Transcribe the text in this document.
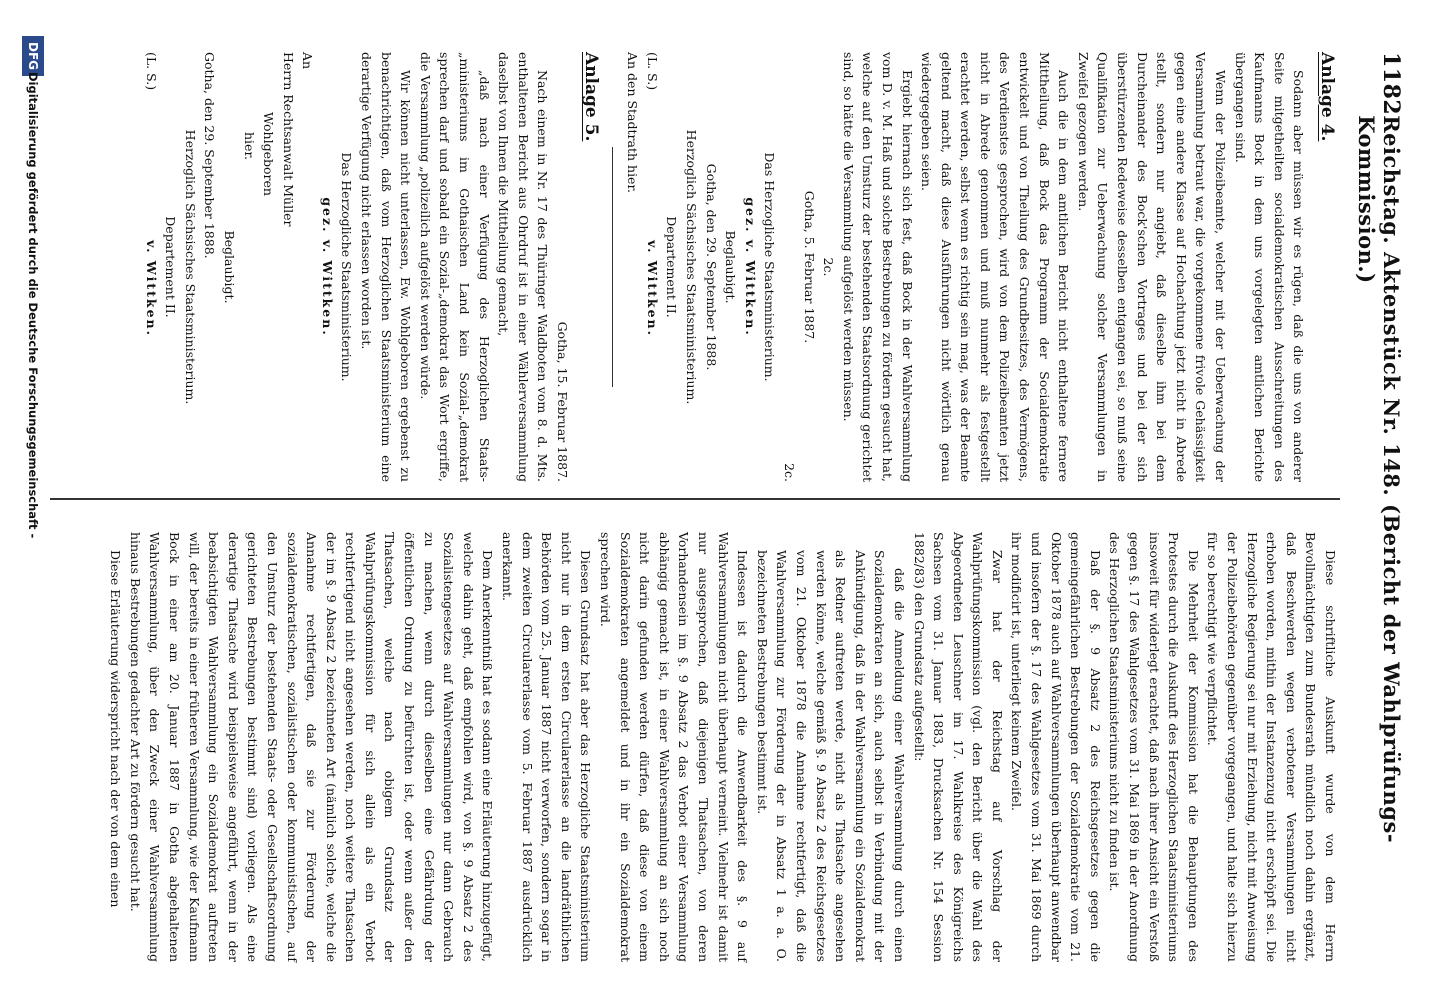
1182
Reichstag. Aktenstück Nr. 148. (Bericht der Wahlprüfungs-Kommission.)
Anlage 4.

Sodann aber müssen wir es rügen, daß die uns von anderer Seite mitgetheilten socialdemokratischen Ausschreitungen des Kaufmanns Bock in dem uns vorgelegten amtlichen Berichte übergangen sind.

Wenn der Polizeibeamte, welcher mit der Ueberwachung der Versammlung betraut war, die vorgekommene frivole Gehässigkeit gegen eine andere Klasse auf Hochachtung jetzt nicht in Abrede stellt, sondern nur angiebt, daß dieselbe ihm bei dem Durcheinander des Bock'schen Vortrages und bei der sich überstürzenden Redeweise desselben entgangen sei, so muß seine Qualifikation zur Ueberwachung solcher Versammlungen in Zweifel gezogen werden.

Auch die in dem amtlichen Bericht nicht enthaltene fernere Mittheilung, daß Bock das Programm der Socialdemokratie entwickelt und von Theilung des Grundbesitzes, des Vermögens, des Verdienstes gesprochen, wird von dem Polizeibeamten jetzt nicht in Abrede genommen und muß nunmehr als festgestellt erachtet werden, selbst wenn es richtig sein mag, was der Beamte geltend macht, daß diese Ausführungen nicht wörtlich genau wiedergegeben seien.

Ergiebt hiernach sich fest, daß Bock in der Wahlversammlung vom D. v. M. Haß und solche Bestrebungen zu fördern gesucht hat, welche auf den Umsturz der bestehenden Staatsordnung gerichtet sind, so hätte die Versammlung aufgelöst werden müssen.

2c.

Gotha, 5. Februar 1887.

2c.

Das Herzogliche Staatsministerium.

gez. v. Wittken.

Beglaubigt.

Gotha, den 29. September 1888.

Herzoglich Sächsisches Staatsministerium.

Departement II.

(L. S.)v. Wittken.

An den Stadtrath hier.

Anlage 5.

Gotha, 15. Februar 1887.

Nach einem in Nr. 17 des Thüringer Waldboten vom 8. d. Mts. enthaltenen Bericht aus Ohrdruf ist in einer Wählerversammlung daselbst von Ihnen die Mittheilung gemacht,

„daß nach einer Verfügung des Herzoglichen Staats-„ministeriums im Gothaischen Land kein Sozial-„demokrat sprechen darf und sobald ein Sozial-„demokrat das Wort ergriffe, die Versammlung „polizeilich aufgelöst werden würde.

Wir können nicht unterlassen, Ew. Wohlgeboren ergebenst zu benachrichtigen, daß vom Herzoglichen Staatsministerium eine derartige Verfügung nicht erlassen worden ist.

Das Herzogliche Staatsministerium.

gez. v. Wittken.

An

Herrn Rechtsanwalt Müller

Wohlgeboren

hier.

Beglaubigt.

Gotha, den 29. September 1888.

Herzoglich Sächsisches Staatsministerium.

Departement II.

(L. S.)v. Wittken.

Diese schriftliche Auskunft wurde von dem Herrn Bevollmächtigten zum Bundesrath mündlich noch dahin ergänzt, daß Beschwerden wegen verbotener Versammlungen nicht erhoben worden, mithin der Instanzenzug nicht erschöpft sei. Die Herzogliche Regierung sei nur mit Erziehung, nicht mit Anweisung der Polizeibehörden gegenüber vorgegangen, und halte sich hierzu für so berechtigt wie verpflichtet.

Die Mehrheit der Kommission hat die Behauptungen des Protestes durch die Auskunft des Herzoglichen Staatsministeriums insoweit für widerlegt erachtet, daß nach ihrer Ansicht ein Verstoß gegen §. 17 des Wahlgesetzes vom 31. Mai 1869 in der Anordnung des Herzoglichen Staatsministeriums nicht zu finden ist.

Daß der §. 9 Absatz 2 des Reichsgesetzes gegen die gemeingefährlichen Bestrebungen der Sozialdemokratie vom 21. Oktober 1878 auch auf Wahlversammlungen überhaupt anwendbar und insofern der §. 17 des Wahlgesetzes vom 31. Mai 1869 durch ihr modificirt ist, unterliegt keinem Zweifel.

Zwar hat der Reichstag auf Vorschlag der Wahlprüfungskommission (vgl. den Bericht über die Wahl des Abgeordneten Leuschner im 17. Wahlkreise des Königreichs Sachsen vom 31. Januar 1883, Drucksachen Nr. 154 Session 1882/83) den Grundsatz aufgestellt:

daß die Anmeldung einer Wahlversammlung durch einen Sozialdemokraten an sich, auch selbst in Verbindung mit der Ankündigung, daß in der Wahlversammlung ein Sozialdemokrat als Redner auftreten werde, nicht als Thatsache angesehen werden könne, welche gemäß §. 9 Absatz 2 des Reichsgesetzes vom 21. Oktober 1878 die Annahme rechtfertigt, daß die Wahlversammlung zur Förderung der in Absatz 1 a. a. O. bezeichneten Bestrebungen bestimmt ist.

Indessen ist dadurch die Anwendbarkeit des §. 9 auf Wahlversammlungen nicht überhaupt verneint. Vielmehr ist damit nur ausgesprochen, daß diejenigen Thatsachen, von deren Vorhandensein im §. 9 Absatz 2 das Verbot einer Versammlung abhängig gemacht ist, in einer Wahlversammlung an sich noch nicht darin gefunden werden dürfen, daß diese von einem Sozialdemokraten angemeldet und in ihr ein Sozialdemokrat sprechen wird.

Diesen Grundsatz hat aber das Herzogliche Staatsministerium nicht nur in dem ersten Circularerlasse an die landräthlichen Behörden vom 25. Januar 1887 nicht verworfen, sondern sogar in dem zweiten Circularerlasse vom 5. Februar 1887 ausdrücklich anerkannt.

Dem Anerkenntniß hat es sodann eine Erläuterung hinzugefügt, welche dahin geht, daß empfohlen wird, von §. 9 Absatz 2 des Sozialistengesetzes auf Wahlversammlungen nur dann Gebrauch zu machen, wenn durch dieselben eine Gefährdung der öffentlichen Ordnung zu befürchten ist, oder wenn außer den Thatsachen, welche nach obigem Grundsatz der Wahlprüfungskommission für sich allein als ein Verbot rechtfertigend nicht angesehen werden, noch weitere Thatsachen der im §. 9 Absatz 2 bezeichneten Art (nämlich solche, welche die Annahme rechtfertigen, daß sie zur Förderung der sozialdemokratischen, sozialistischen oder kommunistischen, auf den Umsturz der bestehenden Staats- oder Gesellschaftsordnung gerichteten Bestrebungen bestimmt sind) vorliegen. Als eine derartige Thatsache wird beispielsweise angeführt, wenn in der beabsichtigten Wahlversammlung ein Sozialdemokrat auftreten will, der bereits in einer früheren Versammlung, wie der Kaufmann Bock in einer am 20. Januar 1887 in Gotha abgehaltenen Wahlversammlung, über den Zweck einer Wahlversammlung hinaus Bestrebungen gedachter Art zu fördern gesucht hat.

Diese Erläuterung widerspricht nach der von dem einen

DFG
Digitalisierung gefördert durch die Deutsche Forschungsgemeinschaft -
